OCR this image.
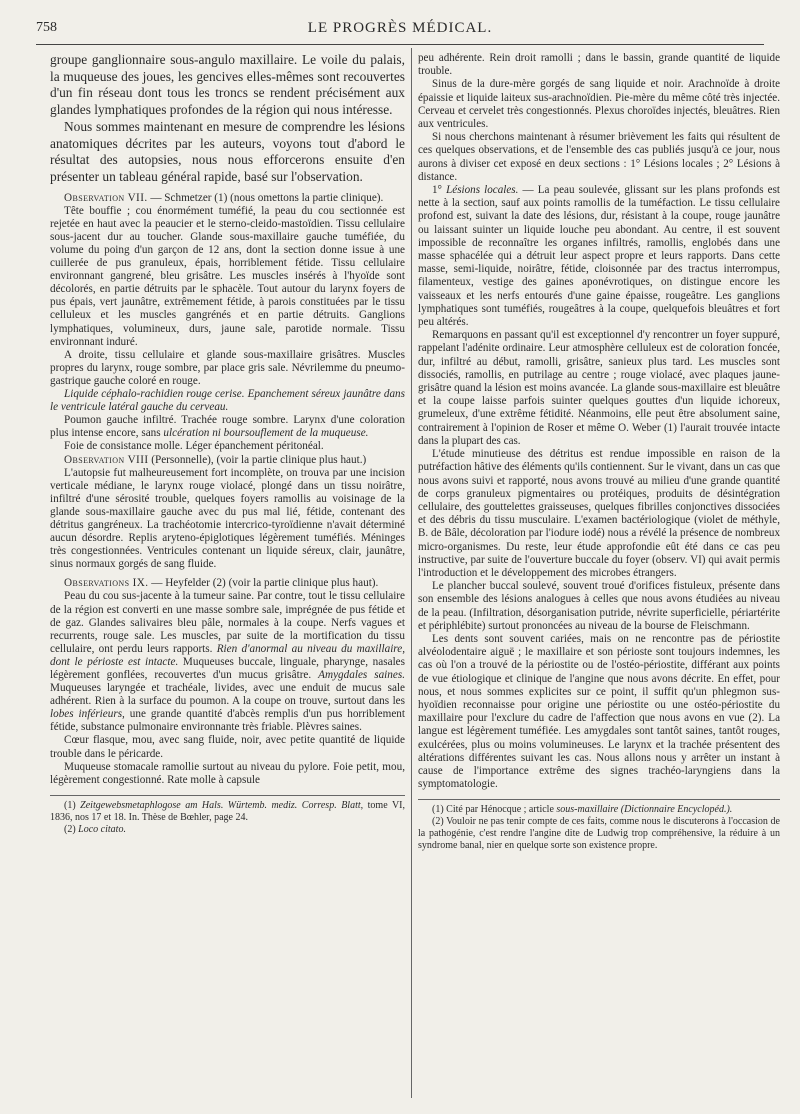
758	LE PROGRÈS MÉDICAL.

groupe ganglionnaire sous-angulo maxillaire. Le voile du palais, la muqueuse des joues, les gencives elles-mêmes sont recouvertes d'un fin réseau dont tous les troncs se rendent précisément aux glandes lymphatiques profondes de la région qui nous intéresse.

Nous sommes maintenant en mesure de comprendre les lésions anatomiques décrites par les auteurs, voyons tout d'abord le résultat des autopsies, nous nous efforcerons ensuite d'en présenter un tableau général rapide, basé sur l'observation.

Observation VII. — Schmetzer (1) (nous omettons la partie clinique).

Tête bouffie ; cou énormément tuméfié, la peau du cou sectionnée est rejetée en haut avec la peaucier et le sterno-cleido-mastoïdien. Tissu cellulaire sous-jacent dur au toucher. Glande sous-maxillaire gauche tuméfiée, du volume du poing d'un garçon de 12 ans, dont la section donne issue à une cuillerée de pus granuleux, épais, horriblement fétide. Tissu cellulaire environnant gangrené, bleu grisâtre. Les muscles insérés à l'hyoïde sont décolorés, en partie détruits par le sphacèle. Tout autour du larynx foyers de pus épais, vert jaunâtre, extrêmement fétide, à parois constituées par le tissu celluleux et les muscles gangrénés et en partie détruits. Ganglions lymphatiques, volumineux, durs, jaune sale, parotide normale. Tissu environnant induré.

A droite, tissu cellulaire et glande sous-maxillaire grisâtres. Muscles propres du larynx, rouge sombre, par place gris sale. Névrilemme du pneumo-gastrique gauche coloré en rouge.

Liquide céphalo-rachidien rouge cerise. Epanchement séreux jaunâtre dans le ventricule latéral gauche du cerveau.

Poumon gauche infiltré. Trachée rouge sombre. Larynx d'une coloration plus intense encore, sans ulcération ni boursouflement de la muqueuse.

Foie de consistance molle. Léger épanchement péritonéal.

Observation VIII (Personnelle), (voir la partie clinique plus haut.)

L'autopsie fut malheureusement fort incomplète, on trouva par une incision verticale médiane, le larynx rouge violacé, plongé dans un tissu noirâtre, infiltré d'une sérosité trouble, quelques foyers ramollis au voisinage de la glande sous-maxillaire gauche avec du pus mal lié, fétide, contenant des détritus gangréneux. La trachéotomie intercrico-tyroïdienne n'avait déterminé aucun désordre. Replis aryteno-épiglotiques légèrement tuméfiés. Méninges très congestionnées. Ventricules contenant un liquide séreux, clair, jaunâtre, sinus normaux gorgés de sang fluide.

Observations IX. — Heyfelder (2) (voir la partie clinique plus haut).

Peau du cou sus-jacente à la tumeur saine. Par contre, tout le tissu cellulaire de la région est converti en une masse sombre sale, imprégnée de pus fétide et de gaz. Glandes salivaires bleu pâle, normales à la coupe. Nerfs vagues et recurrents, rouge sale. Les muscles, par suite de la mortification du tissu cellulaire, ont perdu leurs rapports. Rien d'anormal au niveau du maxillaire, dont le périoste est intacte. Muqueuses buccale, linguale, pharynge, nasales légèrement gonflées, recouvertes d'un mucus grisâtre. Amygdales saines. Muqueuses laryngée et trachéale, livides, avec une enduit de mucus sale adhérent. Rien à la surface du poumon. A la coupe on trouve, surtout dans les lobes inférieurs, une grande quantité d'abcès remplis d'un pus horriblement fétide, substance pulmonaire environnante très friable. Plèvres saines.

Cœur flasque, mou, avec sang fluide, noir, avec petite quantité de liquide trouble dans le péricarde.

Muqueuse stomacale ramollie surtout au niveau du pylore. Foie petit, mou, légèrement congestionné. Rate molle à capsule

(1) Zeitgewebsmetaphlogose am Hals. Würtemb. mediz. Corresp. Blatt, tome VI, 1836, nos 17 et 18. In. Thèse de Bœhler, page 24.

(2) Loco citato.

peu adhérente. Rein droit ramolli ; dans le bassin, grande quantité de liquide trouble.

Sinus de la dure-mère gorgés de sang liquide et noir. Arachnoïde à droite épaissie et liquide laiteux sus-arachnoïdien. Pie-mère du même côté très injectée. Cerveau et cervelet très congestionnés. Plexus choroïdes injectés, bleuâtres. Rien aux ventricules.

Si nous cherchons maintenant à résumer brièvement les faits qui résultent de ces quelques observations, et de l'ensemble des cas publiés jusqu'à ce jour, nous aurons à diviser cet exposé en deux sections : 1° Lésions locales ; 2° Lésions à distance.

1° Lésions locales. — La peau soulevée, glissant sur les plans profonds est nette à la section, sauf aux points ramollis de la tuméfaction. Le tissu cellulaire profond est, suivant la date des lésions, dur, résistant à la coupe, rouge jaunâtre ou laissant suinter un liquide louche peu abondant. Au centre, il est souvent impossible de reconnaître les organes infiltrés, ramollis, englobés dans une masse sphacélée qui a détruit leur aspect propre et leurs rapports. Dans cette masse, semi-liquide, noirâtre, fétide, cloisonnée par des tractus interrompus, filamenteux, vestige des gaines aponévrotiques, on distingue encore les vaisseaux et les nerfs entourés d'une gaine épaisse, rougeâtre. Les ganglions lymphatiques sont tuméfiés, rougeâtres à la coupe, quelquefois bleuâtres et fort peu altérés.

Remarquons en passant qu'il est exceptionnel d'y rencontrer un foyer suppuré, rappelant l'adénite ordinaire. Leur atmosphère celluleux est de coloration foncée, dur, infiltré au début, ramolli, grisâtre, sanieux plus tard. Les muscles sont dissociés, ramollis, en putrilage au centre ; rouge violacé, avec plaques jaune-grisâtre quand la lésion est moins avancée. La glande sous-maxillaire est bleuâtre et la coupe laisse parfois suinter quelques gouttes d'un liquide ichoreux, grumeleux, d'une extrême fétidité. Néanmoins, elle peut être absolument saine, contrairement à l'opinion de Roser et même O. Weber (1) l'aurait trouvée intacte dans la plupart des cas.

L'étude minutieuse des détritus est rendue impossible en raison de la putréfaction hâtive des éléments qu'ils contiennent. Sur le vivant, dans un cas que nous avons suivi et rapporté, nous avons trouvé au milieu d'une grande quantité de corps granuleux pigmentaires ou protéiques, produits de désintégration cellulaire, des gouttelettes graisseuses, quelques fibrilles conjonctives dissociées et des débris du tissu musculaire. L'examen bactériologique (violet de méthyle, B. de Bâle, décoloration par l'iodure iodé) nous a révélé la présence de nombreux micro-organismes. Du reste, leur étude approfondie eût été dans ce cas peu instructive, par suite de l'ouverture buccale du foyer (observ. VI) qui avait permis l'introduction et le développement des microbes étrangers.

Le plancher buccal soulevé, souvent troué d'orifices fistuleux, présente dans son ensemble des lésions analogues à celles que nous avons étudiées au niveau de la peau. (Infiltration, désorganisation putride, névrite superficielle, périartérite et périphlébite) surtout prononcées au niveau de la bourse de Fleischmann.

Les dents sont souvent cariées, mais on ne rencontre pas de périostite alvéolodentaire aiguë ; le maxillaire et son périoste sont toujours indemnes, les cas où l'on a trouvé de la périostite ou de l'ostéo-périostite, différant aux points de vue étiologique et clinique de l'angine que nous avons décrite. En effet, pour nous, et nous sommes explicites sur ce point, il suffit qu'un phlegmon sus-hyoïdien reconnaisse pour origine une périostite ou une ostéo-périostite du maxillaire pour l'exclure du cadre de l'affection que nous avons en vue (2). La langue est légèrement tuméfiée. Les amygdales sont tantôt saines, tantôt rouges, exulcérées, plus ou moins volumineuses. Le larynx et la trachée présentent des altérations différentes suivant les cas. Nous allons nous y arrêter un instant à cause de l'importance extrême des signes trachéo-laryngiens dans la symptomatologie.

(1) Cité par Hénocque ; article sous-maxillaire (Dictionnaire Encyclopéd.).

(2) Vouloir ne pas tenir compte de ces faits, comme nous le discuterons à l'occasion de la pathogénie, c'est rendre l'angine dite de Ludwig trop compréhensive, la réduire à un syndrome banal, nier en quelque sorte son existence propre.
